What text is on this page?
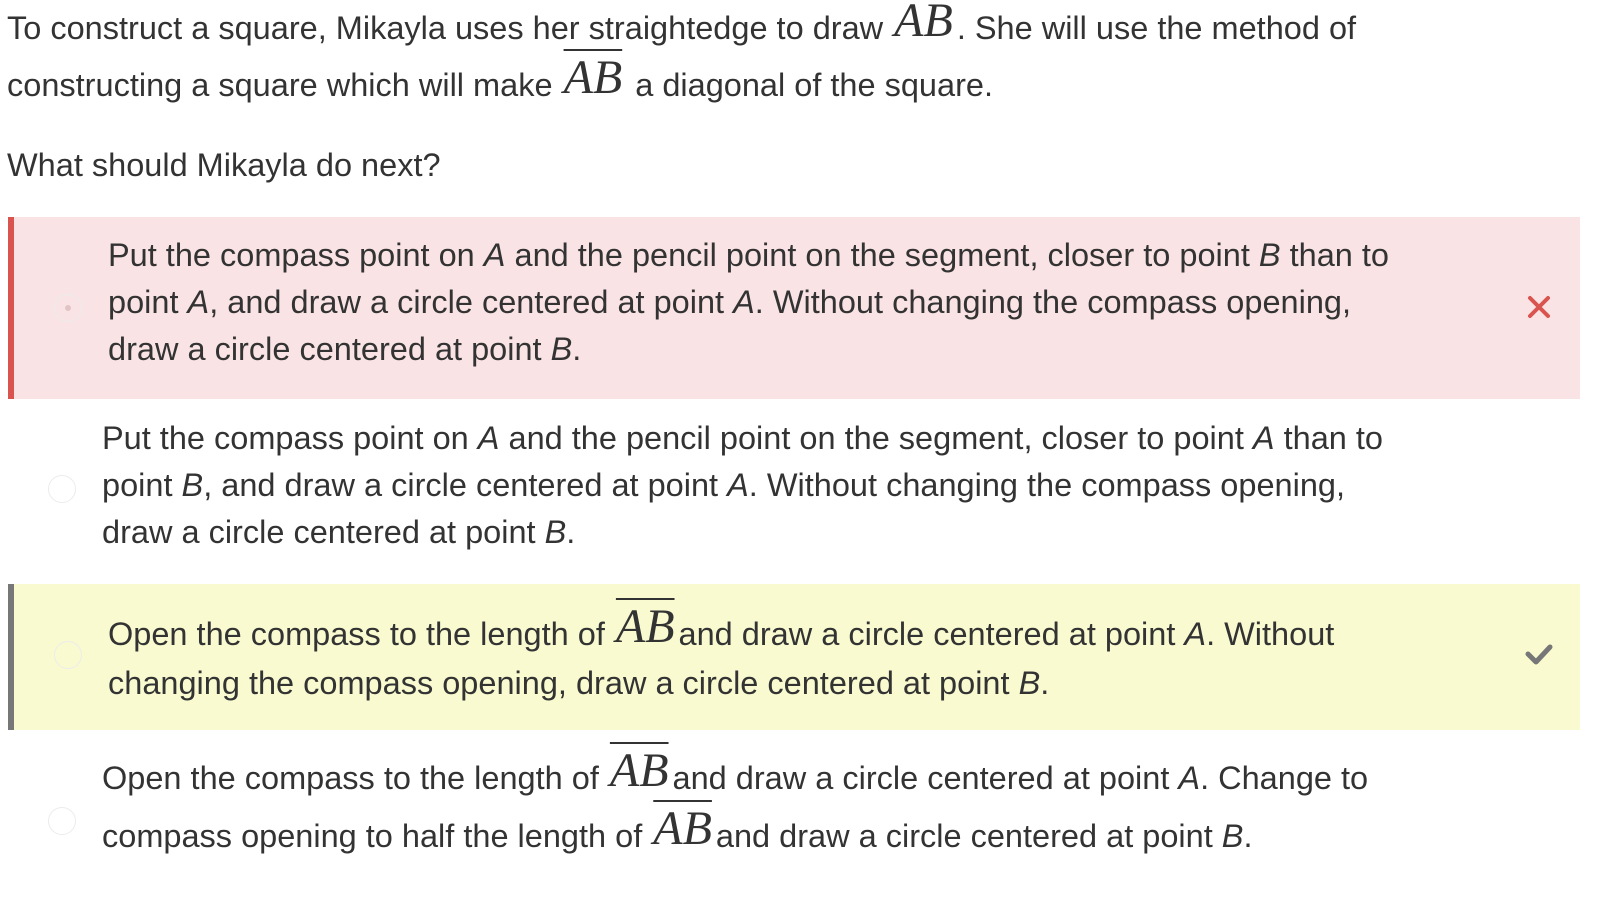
To construct a square, Mikayla uses her straightedge to draw $\overline{AB}$ . She will use the method of
constructing a square which will make $\overline{AB}$ a diagonal of the square.
What should Mikayla do next?
Put the compass point on A and the pencil point on the segment, closer to point B than to
point A, and draw a circle centered at point A. Without changing the compass opening,
draw a circle centered at point B.
Put the compass point on A and the pencil point on the segment, closer to point A than to
point B, and draw a circle centered at point A. Without changing the compass opening,
draw a circle centered at point B.
Open the compass to the length of $\overline{AB}$ and draw a circle centered at point A. Without
changing the compass opening, draw a circle centered at point B.
Open the compass to the length of $\overline{AB}$ and draw a circle centered at point A. Change to
compass opening to half the length of $\overline{AB}$ and draw a circle centered at point B.
